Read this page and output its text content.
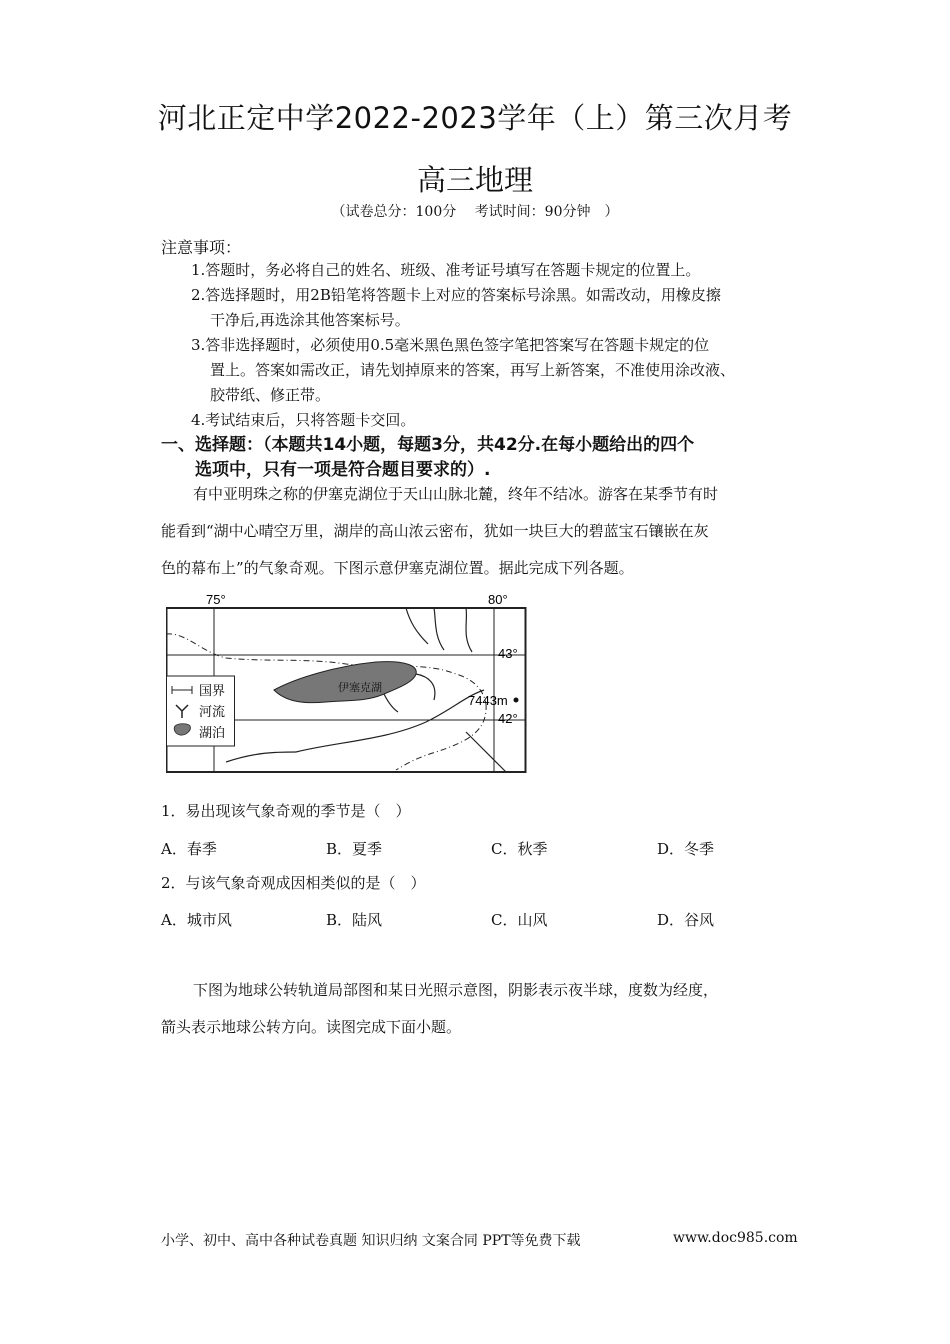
河北正定中学2022-2023学年（上）第三次月考
高三地理
（试卷总分：100分　 考试时间：90分钟　）
注意事项：
1.答题时，务必将自己的姓名、班级、准考证号填写在答题卡规定的位置上。
2.答选择题时，用2B铅笔将答题卡上对应的答案标号涂黑。如需改动，用橡皮擦
干净后,再选涂其他答案标号。
3.答非选择题时，必须使用0.5毫米黑色黑色签字笔把答案写在答题卡规定的位
置上。答案如需改正，请先划掉原来的答案，再写上新答案，不准使用涂改液、
胶带纸、修正带。
4.考试结束后，只将答题卡交回。
一、选择题：（本题共14小题，每题3分，共42分.在每小题给出的四个
选项中，只有一项是符合题目要求的）.
有中亚明珠之称的伊塞克湖位于天山山脉北麓，终年不结冰。游客在某季节有时
能看到“湖中心晴空万里，湖岸的高山浓云密布，犹如一块巨大的碧蓝宝石镶嵌在灰
色的幕布上”的气象奇观。下图示意伊塞克湖位置。据此完成下列各题。
75°	80°
43°
42°
伊塞克湖
7443m
国界
河流
湖泊
1．易出现该气象奇观的季节是（　）
A．春季	B．夏季	C．秋季	D．冬季
2．与该气象奇观成因相类似的是（　）
A．城市风	B．陆风	C．山风	D．谷风
下图为地球公转轨道局部图和某日光照示意图，阴影表示夜半球，度数为经度，
箭头表示地球公转方向。读图完成下面小题。
小学、初中、高中各种试卷真题 知识归纳 文案合同 PPT等免费下载	www.doc985.com
